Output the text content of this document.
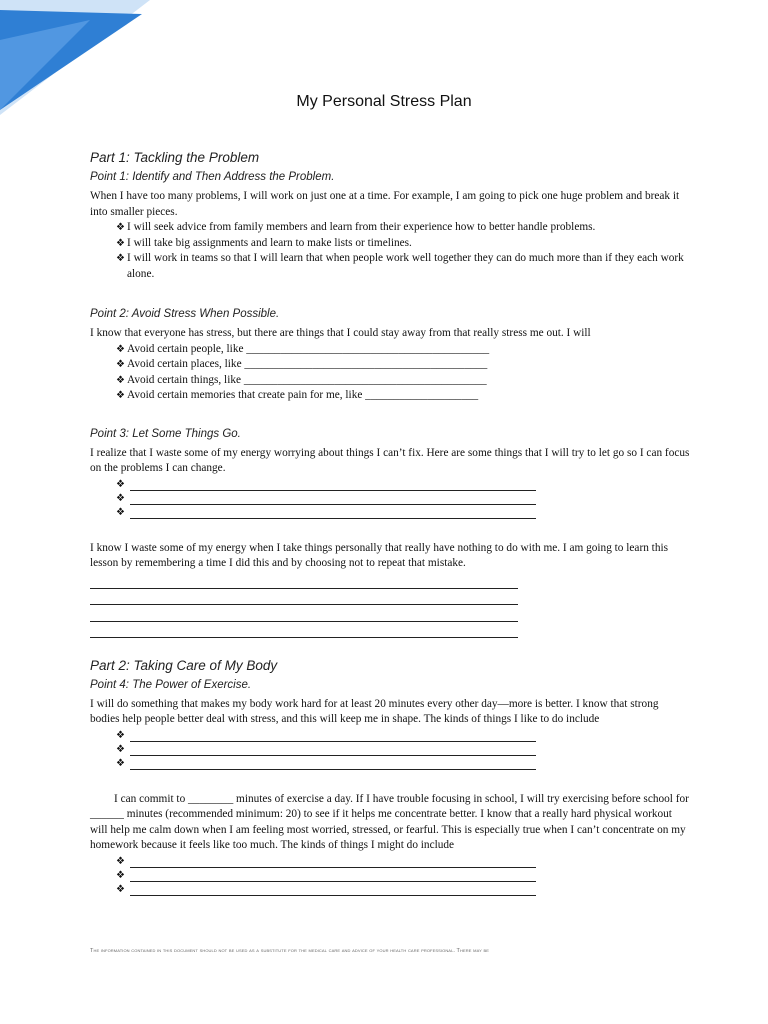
My Personal Stress Plan
Part 1: Tackling the Problem
Point 1: Identify and Then Address the Problem.

When I have too many problems, I will work on just one at a time. For example, I am going to pick one huge problem and break it into smaller pieces.

❖ I will seek advice from family members and learn from their experience how to better handle problems.
❖ I will take big assignments and learn to make lists or timelines.
❖ I will work in teams so that I will learn that when people work well together they can do much more than if they each work alone.
Point 2: Avoid Stress When Possible.

I know that everyone has stress, but there are things that I could stay away from that really stress me out. I will

❖ Avoid certain people, like ___________________________________________
❖ Avoid certain places, like ___________________________________________
❖ Avoid certain things, like ___________________________________________
❖ Avoid certain memories that create pain for me, like ____________________
Point 3: Let Some Things Go.

I realize that I waste some of my energy worrying about things I can’t fix. Here are some things that I will try to let go so I can focus on the problems I can change.

❖
❖
❖

I know I waste some of my energy when I take things personally that really have nothing to do with me. I am going to learn this lesson by remembering a time I did this and by choosing not to repeat that mistake.

Part 2: Taking Care of My Body
Point 4: The Power of Exercise.

I will do something that makes my body work hard for at least 20 minutes every other day—more is better. I know that strong bodies help people better deal with stress, and this will keep me in shape. The kinds of things I like to do include

❖
❖
❖

I can commit to ________ minutes of exercise a day. If I have trouble focusing in school, I will try exercising before school for ______ minutes (recommended minimum: 20) to see if it helps me concentrate better. I know that a really hard physical workout will help me calm down when I am feeling most worried, stressed, or fearful. This is especially true when I can’t concentrate on my homework because it feels like too much. The kinds of things I might do include

❖
❖
❖
The information contained in this document should not be used as a substitute for the medical care and advice of your health care professional. There may be
